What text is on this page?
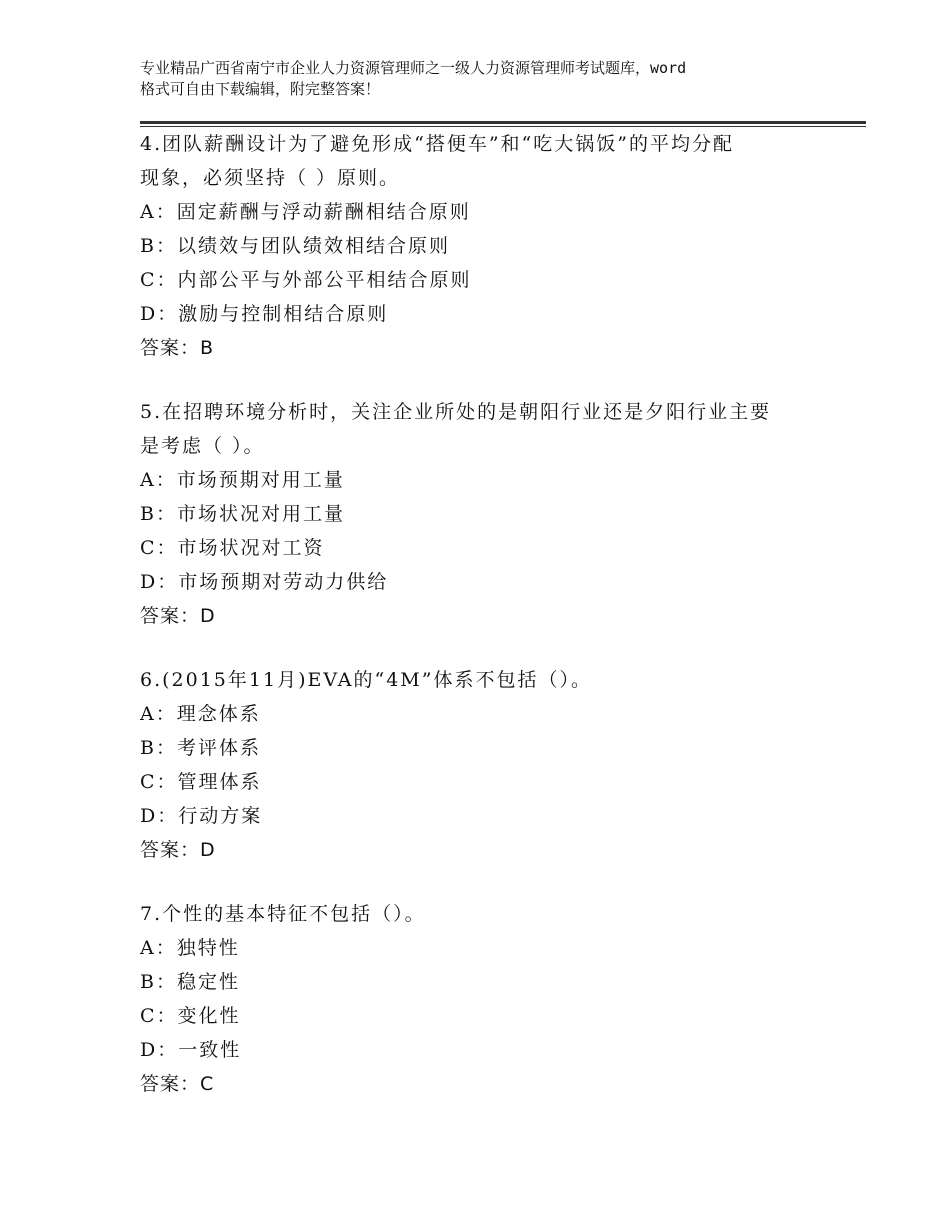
专业精品广西省南宁市企业人力资源管理师之一级人力资源管理师考试题库，word
格式可自由下载编辑，附完整答案！
4.团队薪酬设计为了避免形成“搭便车”和“吃大锅饭”的平均分配
现象，必须坚持（ ）原则。
A：固定薪酬与浮动薪酬相结合原则
B：以绩效与团队绩效相结合原则
C：内部公平与外部公平相结合原则
D：激励与控制相结合原则
答案：B
5.在招聘环境分析时，关注企业所处的是朝阳行业还是夕阳行业主要
是考虑（ ）。
A：市场预期对用工量
B：市场状况对用工量
C：市场状况对工资
D：市场预期对劳动力供给
答案：D
6.(2015年11月)EVA的“4M”体系不包括（）。
A：理念体系
B：考评体系
C：管理体系
D：行动方案
答案：D
7.个性的基本特征不包括（）。
A：独特性
B：稳定性
C：变化性
D：一致性
答案：C
